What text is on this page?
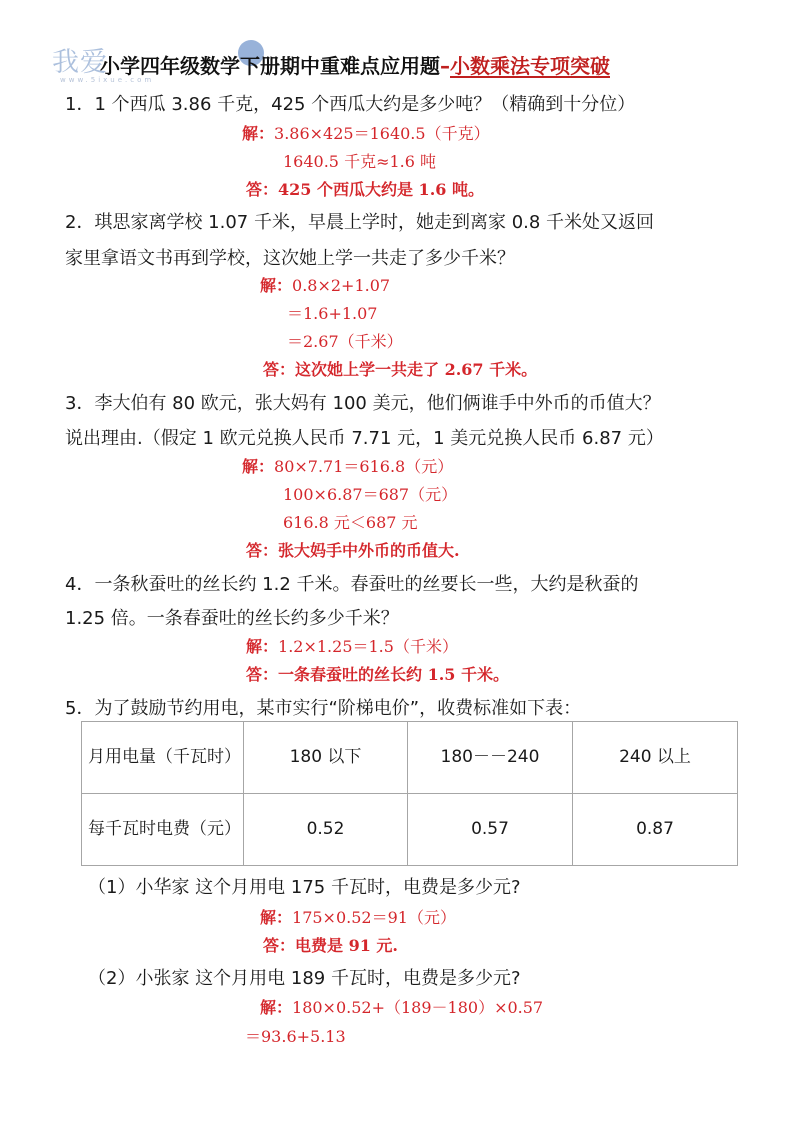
我爱
www.5ixue.com
小学四年级数学下册期中重难点应用题–小数乘法专项突破
1．1 个西瓜 3.86 千克，425 个西瓜大约是多少吨？（精确到十分位）
解：3.86×425＝1640.5（千克）
1640.5 千克≈1.6 吨
答：425 个西瓜大约是 1.6 吨。
2．琪思家离学校 1.07 千米，早晨上学时，她走到离家 0.8 千米处又返回
家里拿语文书再到学校，这次她上学一共走了多少千米？
解：0.8×2+1.07
＝1.6+1.07
＝2.67（千米）
答：这次她上学一共走了 2.67 千米。
3．李大伯有 80 欧元，张大妈有 100 美元，他们俩谁手中外币的币值大？
说出理由.（假定 1 欧元兑换人民币 7.71 元，1 美元兑换人民币 6.87 元）
解：80×7.71＝616.8（元）
100×6.87＝687（元）
616.8 元＜687 元
答：张大妈手中外币的币值大.
4．一条秋蚕吐的丝长约 1.2 千米。春蚕吐的丝要长一些，大约是秋蚕的
1.25 倍。一条春蚕吐的丝长约多少千米？
解：1.2×1.25＝1.5（千米）
答：一条春蚕吐的丝长约 1.5 千米。
5．为了鼓励节约用电，某市实行“阶梯电价”，收费标准如下表：
月用电量（千瓦时）	180 以下	180－－240	240 以上
每千瓦时电费（元）	0.52	0.57	0.87
（1）小华家 这个月用电 175 千瓦时，电费是多少元?
解：175×0.52＝91（元）
答：电费是 91 元.
（2）小张家 这个月用电 189 千瓦时，电费是多少元?
解：180×0.52+（189－180）×0.57
＝93.6+5.13
